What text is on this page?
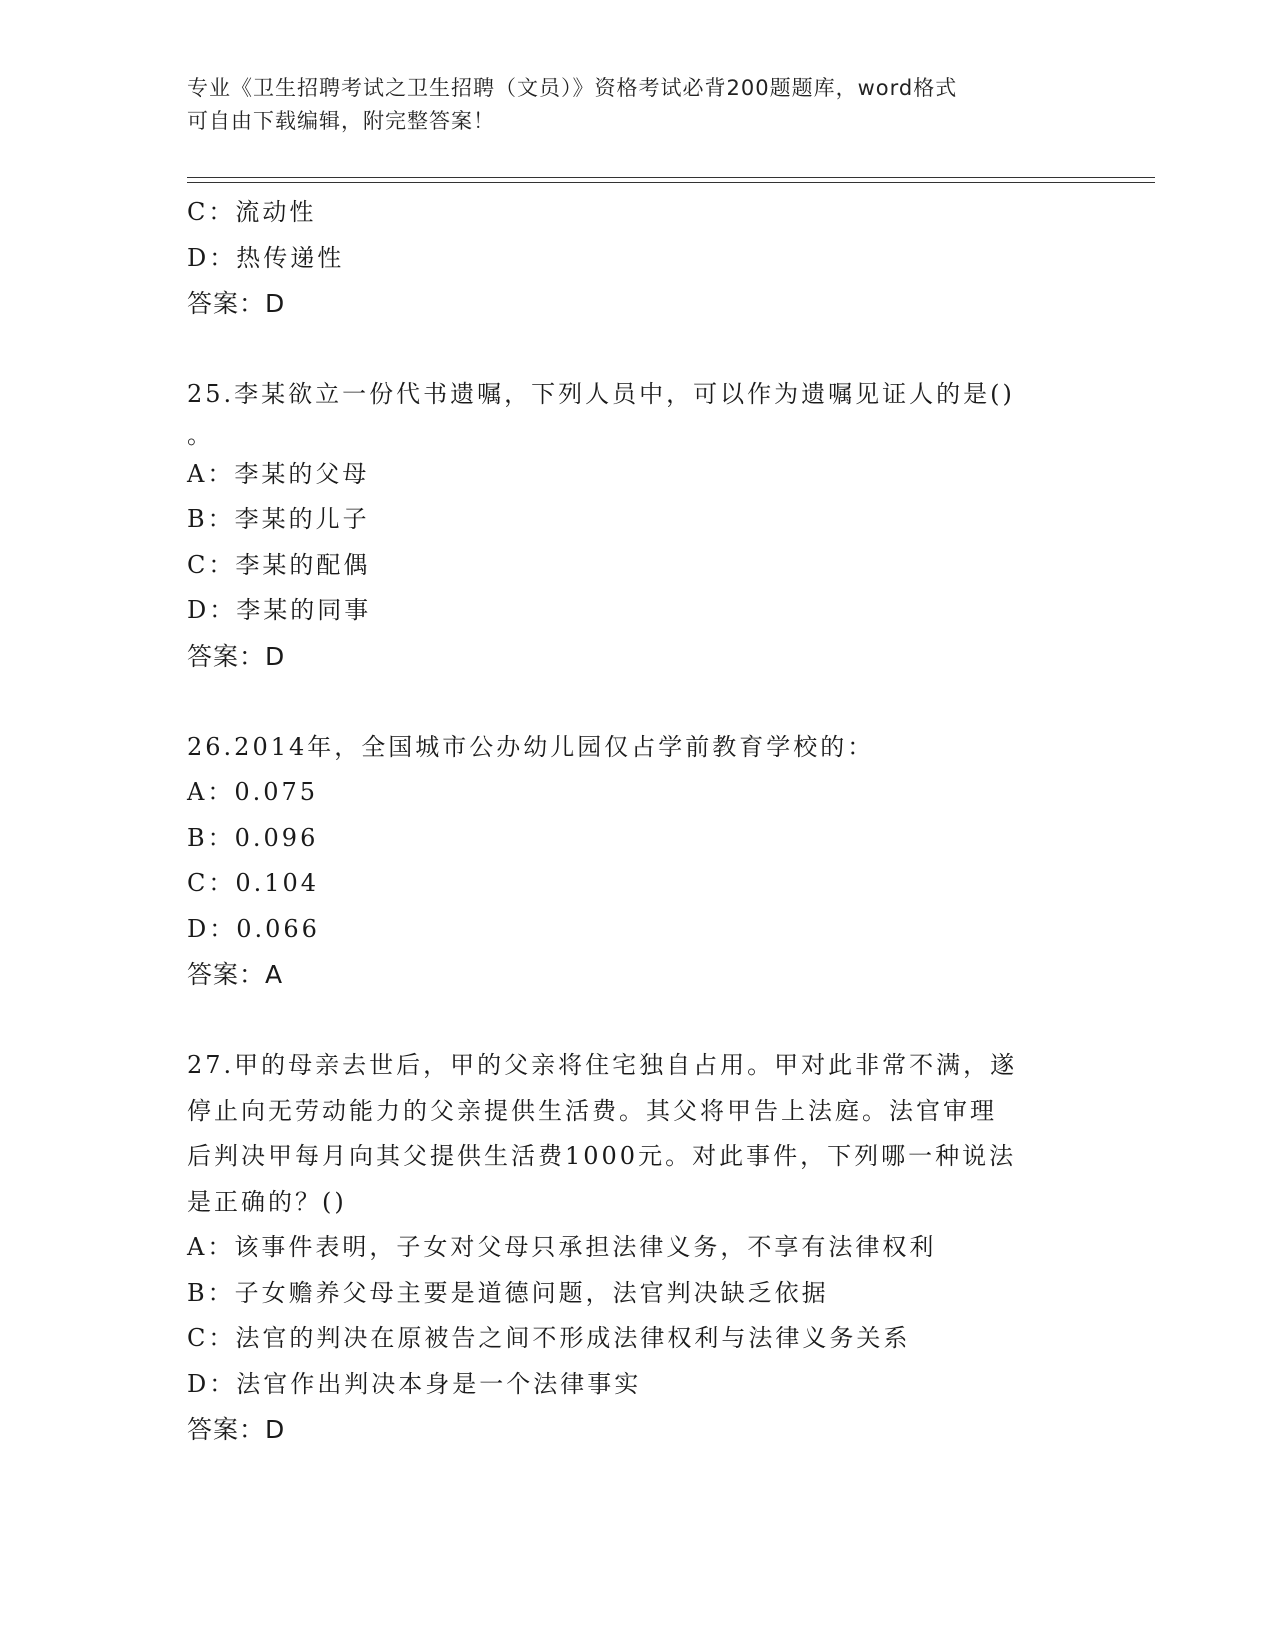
专业《卫生招聘考试之卫生招聘（文员）》资格考试必背200题题库，word格式
可自由下载编辑，附完整答案！
C：流动性
D：热传递性
答案：D
25.李某欲立一份代书遗嘱，下列人员中，可以作为遗嘱见证人的是()
。
A：李某的父母
B：李某的儿子
C：李某的配偶
D：李某的同事
答案：D
26.2014年，全国城市公办幼儿园仅占学前教育学校的：
A：0.075
B：0.096
C：0.104
D：0.066
答案：A
27.甲的母亲去世后，甲的父亲将住宅独自占用。甲对此非常不满，遂
停止向无劳动能力的父亲提供生活费。其父将甲告上法庭。法官审理
后判决甲每月向其父提供生活费1000元。对此事件，下列哪一种说法
是正确的？()
A：该事件表明，子女对父母只承担法律义务，不享有法律权利
B：子女赡养父母主要是道德问题，法官判决缺乏依据
C：法官的判决在原被告之间不形成法律权利与法律义务关系
D：法官作出判决本身是一个法律事实
答案：D
